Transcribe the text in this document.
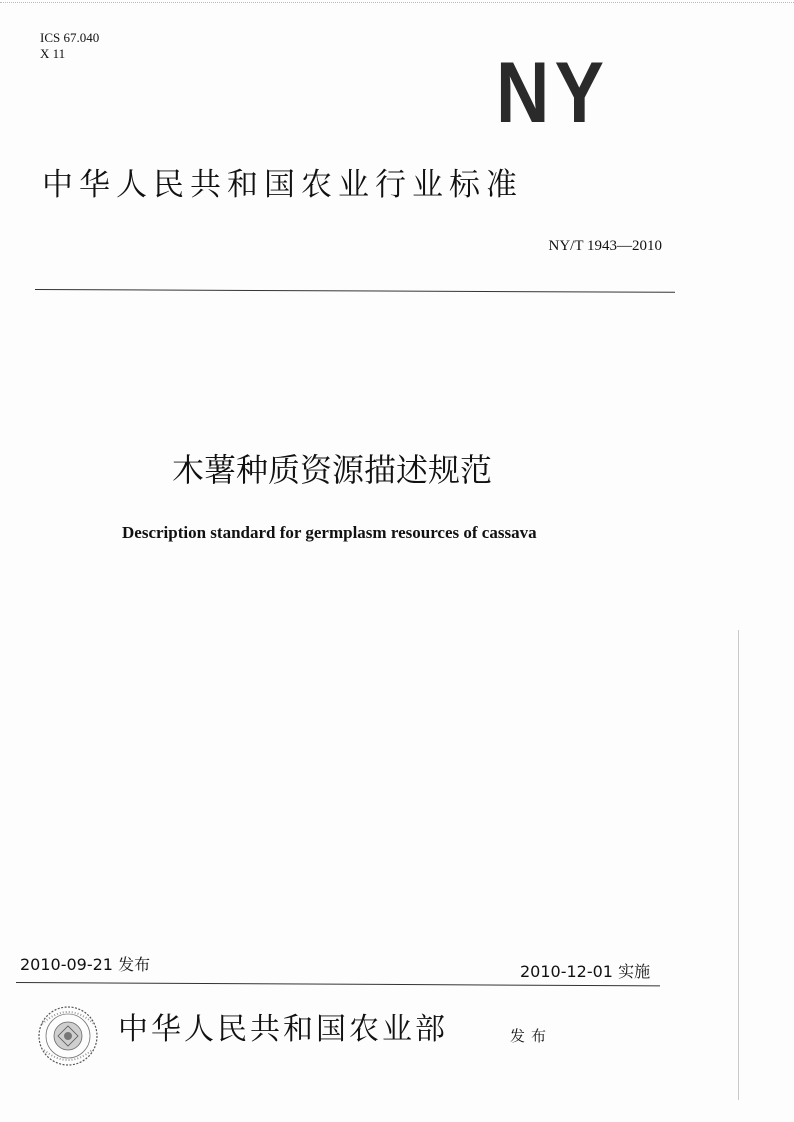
ICS 67.040
X 11	NY
中华人民共和国农业行业标准
NY/T 1943—2010
木薯种质资源描述规范
Description standard for germplasm resources of cassava
2010-09-21 发布	2010-12-01 实施
中华人民共和国农业部	发布
